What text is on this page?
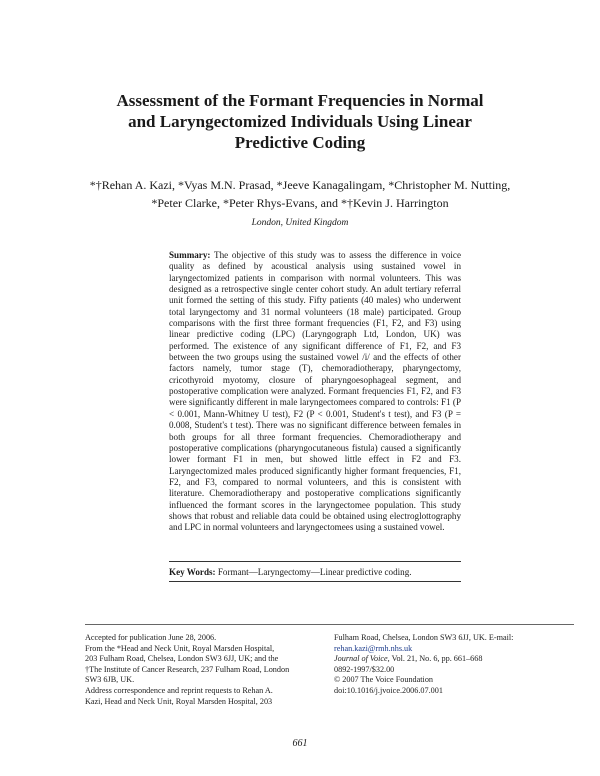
Assessment of the Formant Frequencies in Normal
and Laryngectomized Individuals Using Linear
Predictive Coding
*†Rehan A. Kazi, *Vyas M.N. Prasad, *Jeeve Kanagalingam, *Christopher M. Nutting,
*Peter Clarke, *Peter Rhys-Evans, and *†Kevin J. Harrington
London, United Kingdom
Summary: The objective of this study was to assess the difference in voice quality as defined by acoustical analysis using sustained vowel in laryngectomized patients in comparison with normal volunteers. This was designed as a retrospective single center cohort study. An adult tertiary referral unit formed the setting of this study. Fifty patients (40 males) who underwent total laryngectomy and 31 normal volunteers (18 male) participated. Group comparisons with the first three formant frequencies (F1, F2, and F3) using linear predictive coding (LPC) (Laryngograph Ltd, London, UK) was performed. The existence of any significant difference of F1, F2, and F3 between the two groups using the sustained vowel /i/ and the effects of other factors namely, tumor stage (T), chemoradiotherapy, pharyngectomy, cricothyroid myotomy, closure of pharyngoesophageal segment, and postoperative complication were analyzed. Formant frequencies F1, F2, and F3 were significantly different in male laryngectomees compared to controls: F1 (P < 0.001, Mann-Whitney U test), F2 (P < 0.001, Student's t test), and F3 (P = 0.008, Student's t test). There was no significant difference between females in both groups for all three formant frequencies. Chemoradiotherapy and postoperative complications (pharyngocutaneous fistula) caused a significantly lower formant F1 in men, but showed little effect in F2 and F3. Laryngectomized males produced significantly higher formant frequencies, F1, F2, and F3, compared to normal volunteers, and this is consistent with literature. Chemoradiotherapy and postoperative complications significantly influenced the formant scores in the laryngectomee population. This study shows that robust and reliable data could be obtained using electroglottography and LPC in normal volunteers and laryngectomees using a sustained vowel.
Key Words: Formant—Laryngectomy—Linear predictive coding.
Accepted for publication June 28, 2006.
From the *Head and Neck Unit, Royal Marsden Hospital,
203 Fulham Road, Chelsea, London SW3 6JJ, UK; and the
†The Institute of Cancer Research, 237 Fulham Road, London
SW3 6JB, UK.
Address correspondence and reprint requests to Rehan A.
Kazi, Head and Neck Unit, Royal Marsden Hospital, 203
Fulham Road, Chelsea, London SW3 6JJ, UK. E-mail:
rehan.kazi@rmh.nhs.uk
Journal of Voice, Vol. 21, No. 6, pp. 661–668
0892-1997/$32.00
© 2007 The Voice Foundation
doi:10.1016/j.jvoice.2006.07.001
661
